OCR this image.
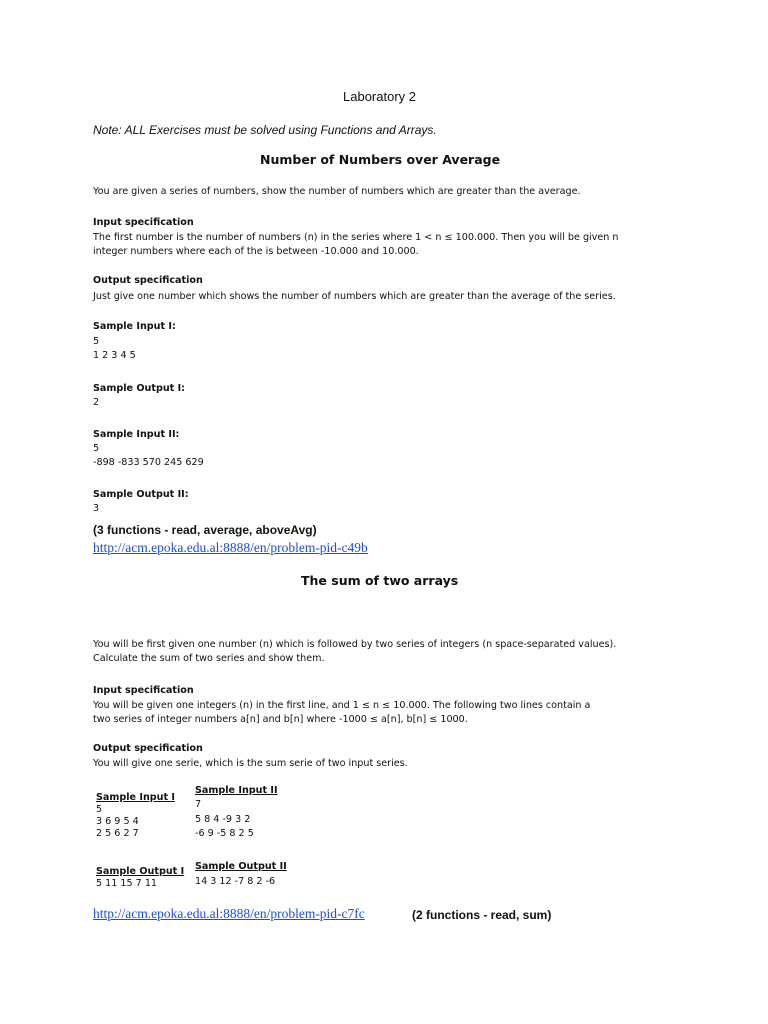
Laboratory 2
Note: ALL Exercises must be solved using Functions and Arrays.
Number of Numbers over Average
You are given a series of numbers, show the number of numbers which are greater than the average.
Input specification
The first number is the number of numbers (n) in the series where 1 < n ≤ 100.000. Then you will be given n
integer numbers where each of the is between -10.000 and 10.000.
Output specification
Just give one number which shows the number of numbers which are greater than the average of the series.
Sample Input I:
5
1 2 3 4 5
Sample Output I:
2
Sample Input II:
5
-898 -833 570 245 629
Sample Output II:
3
(3 functions - read, average, aboveAvg)
http://acm.epoka.edu.al:8888/en/problem-pid-c49b
The sum of two arrays
You will be first given one number (n) which is followed by two series of integers (n space-separated values).
Calculate the sum of two series and show them.
Input specification
You will be given one integers (n) in the first line, and 1 ≤ n ≤ 10.000. The following two lines contain a
two series of integer numbers a[n] and b[n] where -1000 ≤ a[n], b[n] ≤ 1000.
Output specification
You will give one serie, which is the sum serie of two input series.
Sample Input I
5
3 6 9 5 4
2 5 6 2 7
Sample Input II
7
5 8 4 -9 3 2
-6 9 -5 8 2 5
Sample Output I
5 11 15 7 11
Sample Output II
14 3 12 -7 8 2 -6
http://acm.epoka.edu.al:8888/en/problem-pid-c7fc	(2 functions - read, sum)
